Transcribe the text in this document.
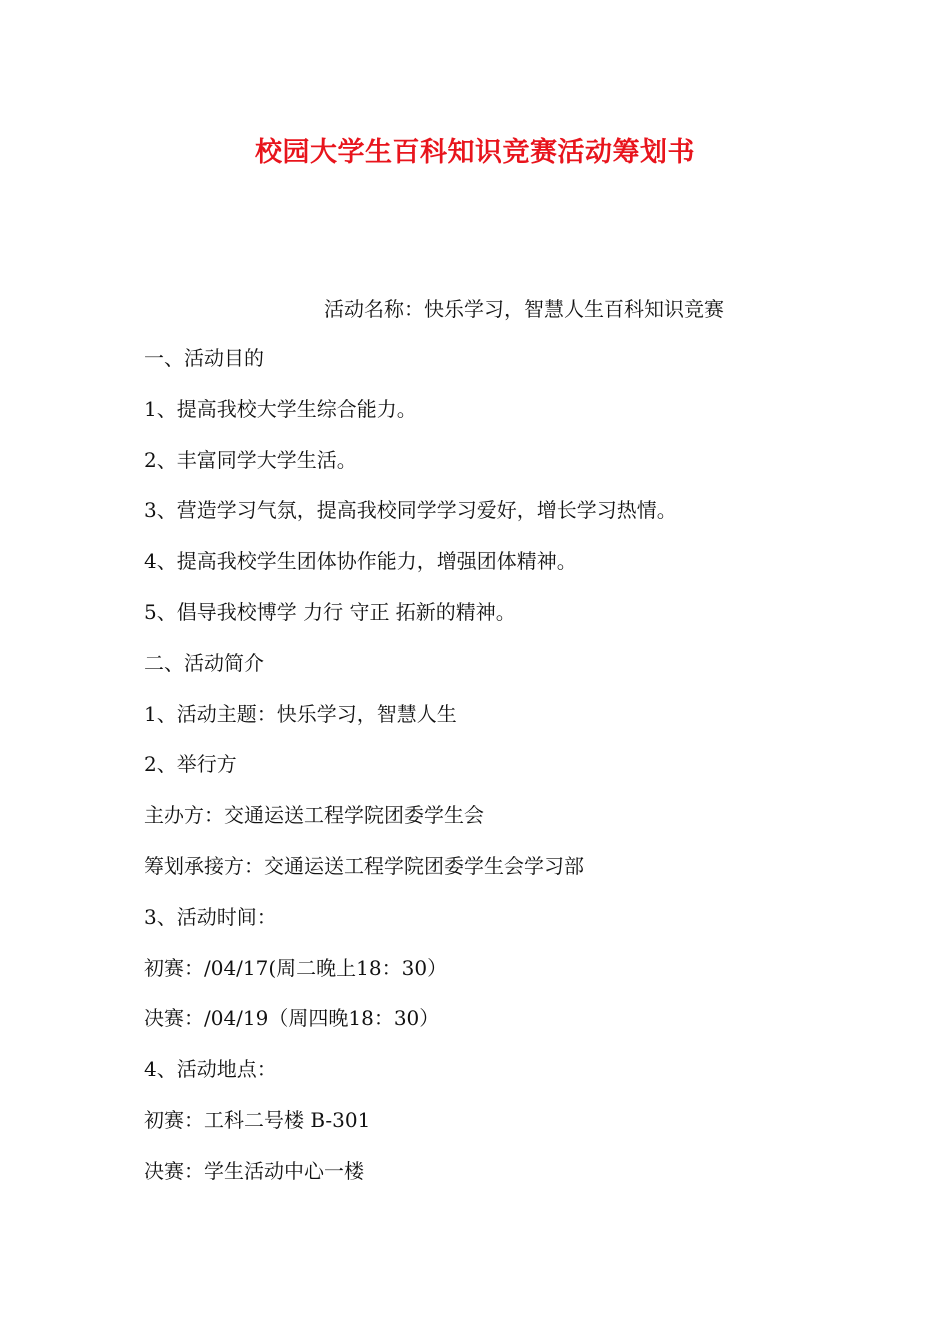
校园大学生百科知识竞赛活动筹划书
活动名称：快乐学习，智慧人生百科知识竞赛
一、活动目的
1、提高我校大学生综合能力。
2、丰富同学大学生活。
3、营造学习气氛，提高我校同学学习爱好，增长学习热情。
4、提高我校学生团体协作能力，增强团体精神。
5、倡导我校博学 力行 守正 拓新的精神。
二、活动简介
1、活动主题：快乐学习，智慧人生
2、举行方
主办方：交通运送工程学院团委学生会
筹划承接方：交通运送工程学院团委学生会学习部
3、活动时间：
初赛：/04/17(周二晚上18：30）
决赛：/04/19（周四晚18：30）
4、活动地点：
初赛：工科二号楼 B-301
决赛：学生活动中心一楼
